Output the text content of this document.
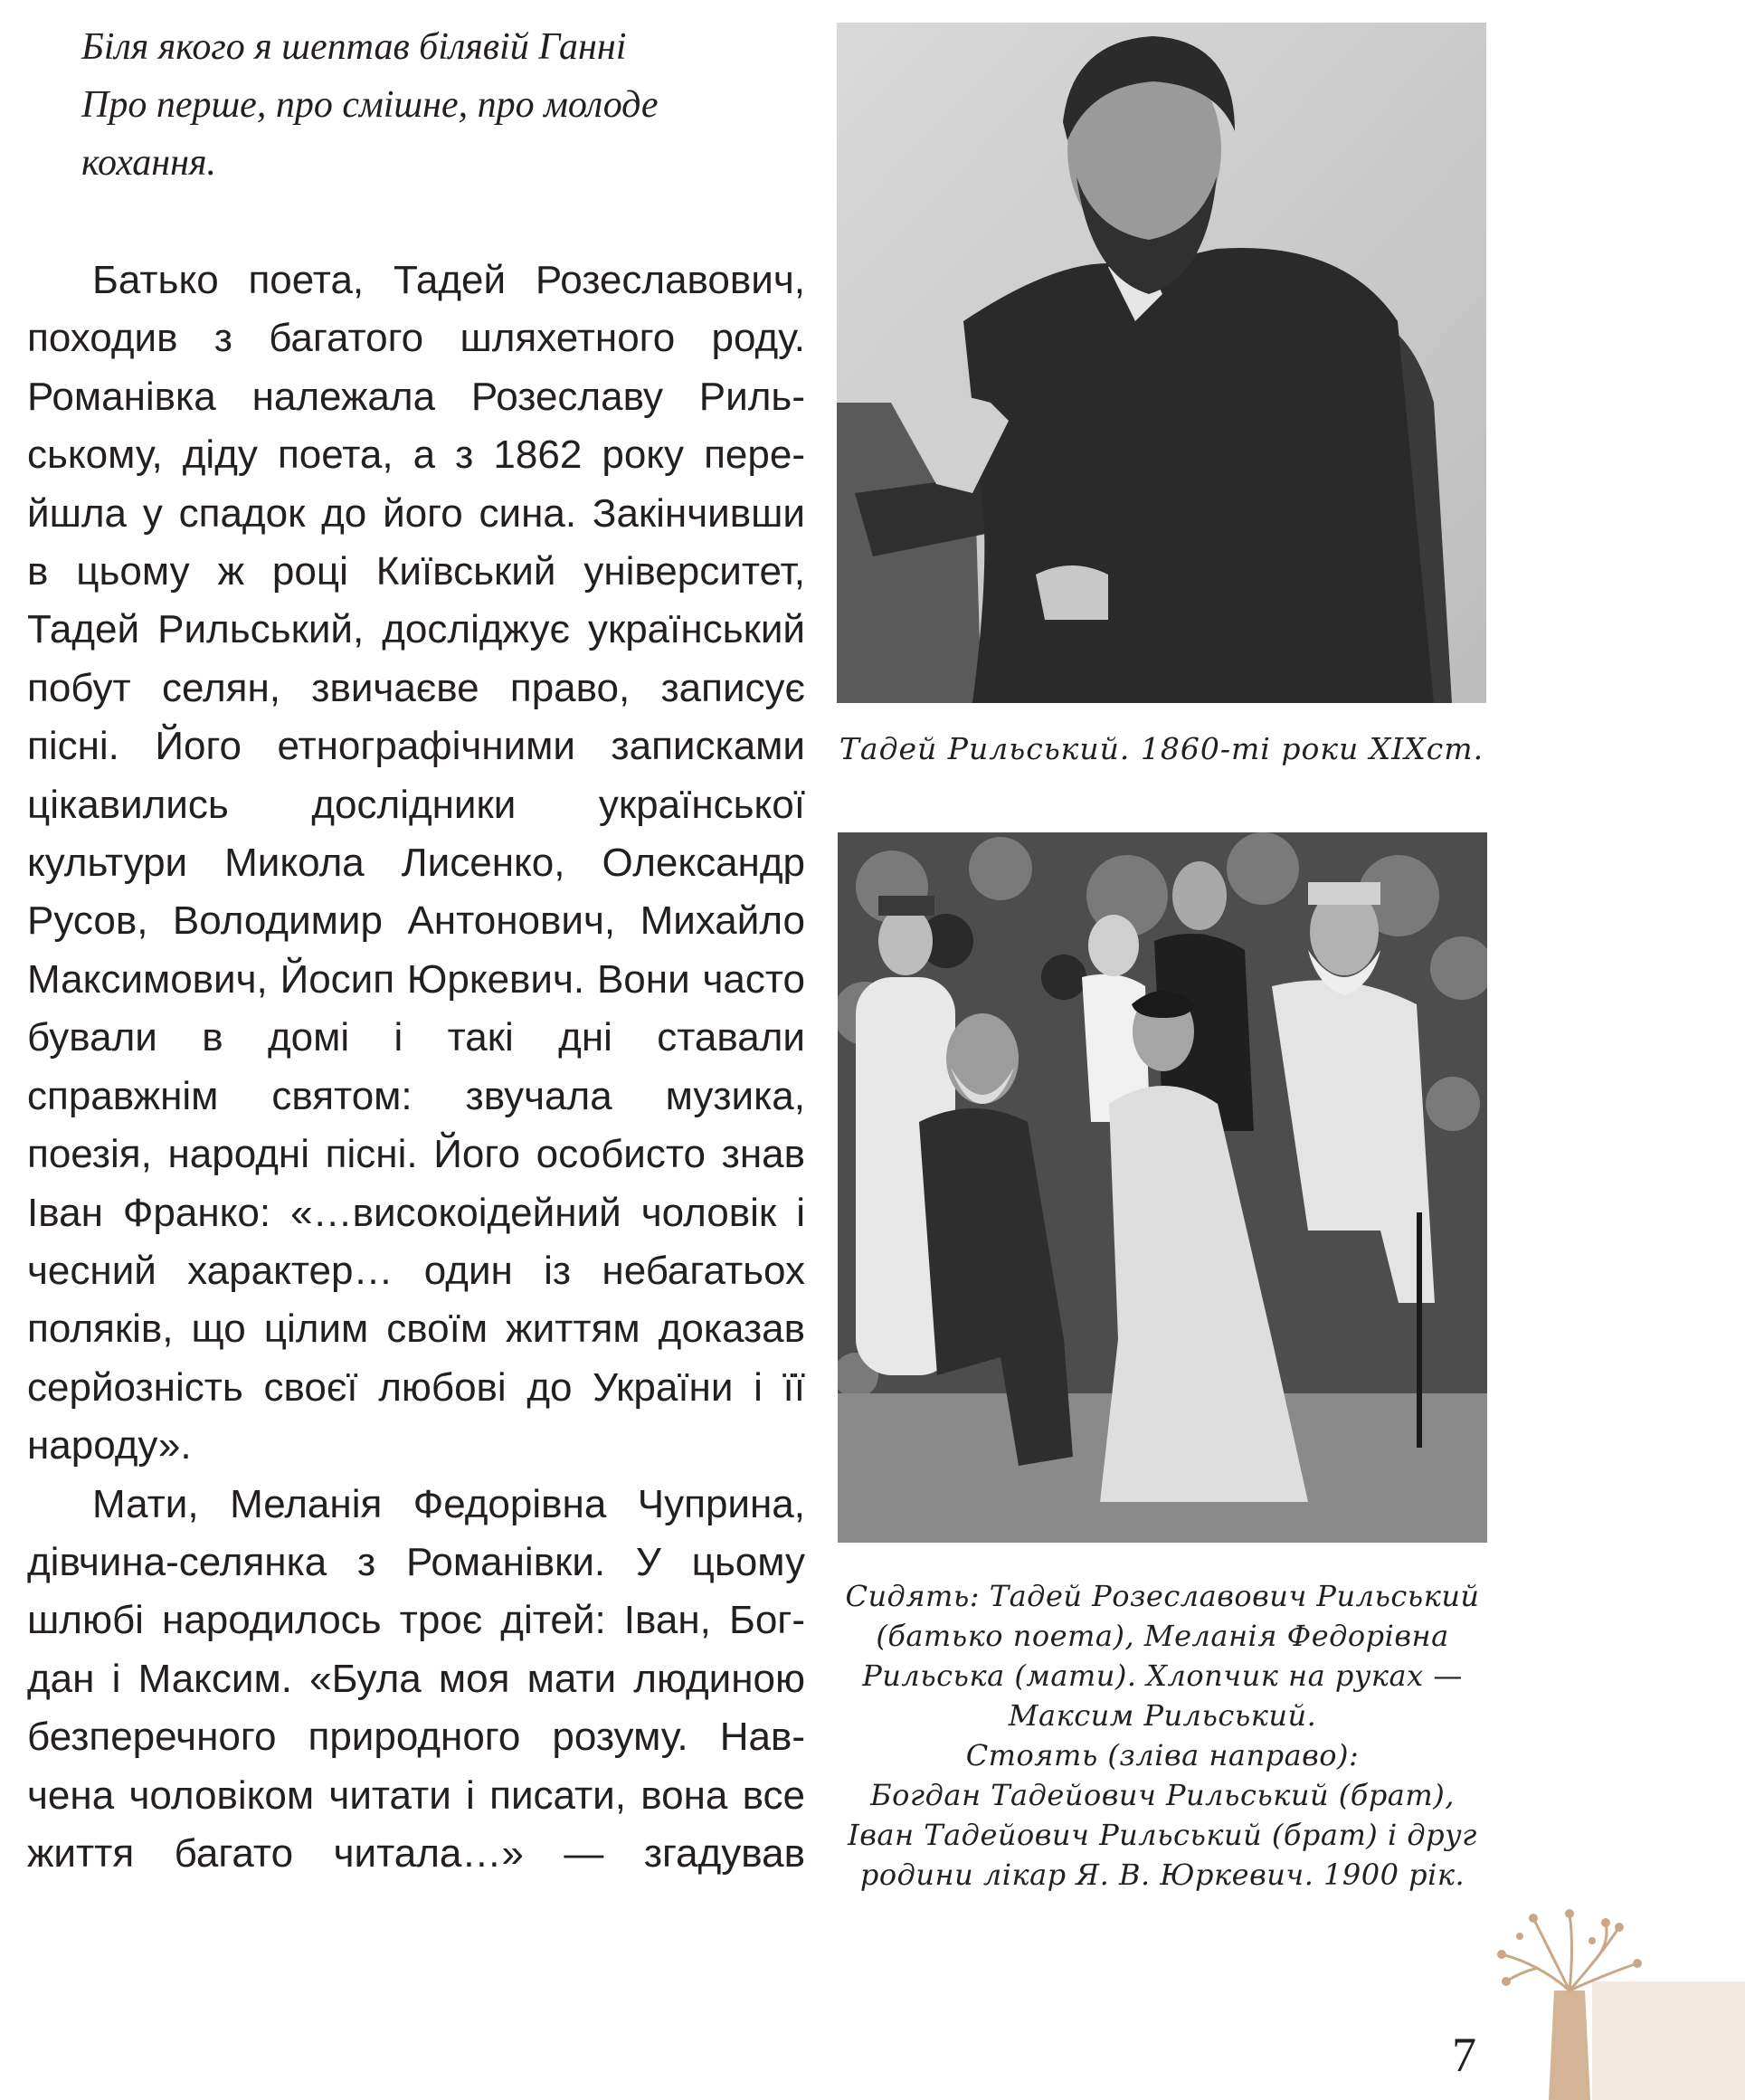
Біля якого я шептав білявій Ганні
Про перше, про смішне, про молоде
кохання.

Батько поета, Тадей Розеславович, походив з багатого шляхетного роду. Романівка належала Розеславу Рильському, діду поета, а з 1862 року перейшла у спадок до його сина. Закінчивши в цьому ж році Київський університет, Тадей Рильський, досліджує український побут селян, звичаєве право, записує пісні. Його етнографічними записками цікавились дослідники української культури Микола Лисенко, Олександр Русов, Володимир Антонович, Михайло Максимович, Йосип Юркевич. Вони часто бували в домі і такі дні ставали справжнім святом: звучала музика, поезія, народні пісні. Його особисто знав Іван Франко: «…високоідейний чоловік і чесний характер… один із небагатьох поляків, що цілим своїм життям доказав серйозність своєї любові до України і її народу».

Мати, Меланія Федорівна Чуприна, дівчина-селянка з Романівки. У цьому шлюбі народилось троє дітей: Іван, Богдан і Максим. «Була моя мати людиною безперечного природного розуму. Навчена чоловіком читати і писати, вона все життя багато читала…» — згадував

Тадей Рильський. 1860-ті роки XIXст.
Сидять: Тадей Розеславович Рильський
(батько поета), Меланія Федорівна
Рильська (мати). Хлопчик на руках —
Максим Рильський.
Стоять (зліва направо):
Богдан Тадейович Рильський (брат),
Іван Тадейович Рильський (брат) і друг
родини лікар Я. В. Юркевич. 1900 рік.
7
